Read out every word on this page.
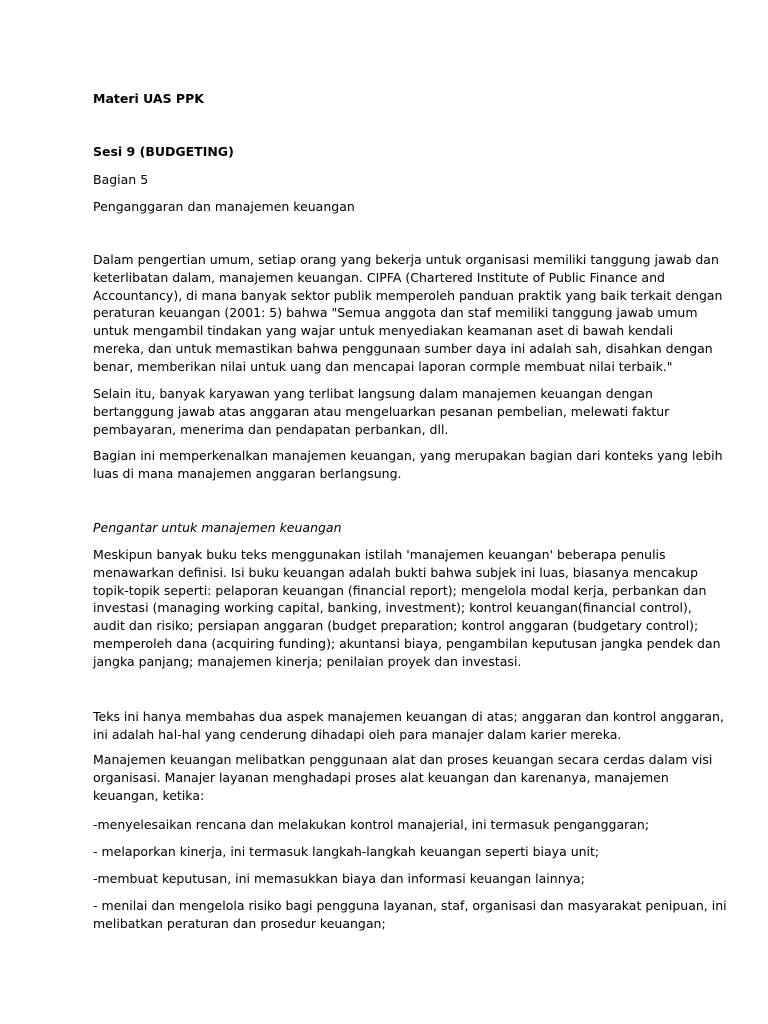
Materi UAS PPK
Sesi 9 (BUDGETING)
Bagian 5
Penganggaran dan manajemen keuangan
Dalam pengertian umum, setiap orang yang bekerja untuk organisasi memiliki tanggung jawab dan
keterlibatan dalam, manajemen keuangan. CIPFA (Chartered Institute of Public Finance and
Accountancy), di mana banyak sektor publik memperoleh panduan praktik yang baik terkait dengan
peraturan keuangan (2001: 5) bahwa "Semua anggota dan staf memiliki tanggung jawab umum
untuk mengambil tindakan yang wajar untuk menyediakan keamanan aset di bawah kendali
mereka, dan untuk memastikan bahwa penggunaan sumber daya ini adalah sah, disahkan dengan
benar, memberikan nilai untuk uang dan mencapai laporan cormple membuat nilai terbaik."
Selain itu, banyak karyawan yang terlibat langsung dalam manajemen keuangan dengan
bertanggung jawab atas anggaran atau mengeluarkan pesanan pembelian, melewati faktur
pembayaran, menerima dan pendapatan perbankan, dll.
Bagian ini memperkenalkan manajemen keuangan, yang merupakan bagian dari konteks yang lebih
luas di mana manajemen anggaran berlangsung.
Pengantar untuk manajemen keuangan
Meskipun banyak buku teks menggunakan istilah 'manajemen keuangan' beberapa penulis
menawarkan definisi. Isi buku keuangan adalah bukti bahwa subjek ini luas, biasanya mencakup
topik-topik seperti: pelaporan keuangan (financial report); mengelola modal kerja, perbankan dan
investasi (managing working capital, banking, investment); kontrol keuangan(financial control),
audit dan risiko; persiapan anggaran (budget preparation; kontrol anggaran (budgetary control);
memperoleh dana (acquiring funding); akuntansi biaya, pengambilan keputusan jangka pendek dan
jangka panjang; manajemen kinerja; penilaian proyek dan investasi.
Teks ini hanya membahas dua aspek manajemen keuangan di atas; anggaran dan kontrol anggaran,
ini adalah hal-hal yang cenderung dihadapi oleh para manajer dalam karier mereka.
Manajemen keuangan melibatkan penggunaan alat dan proses keuangan secara cerdas dalam visi
organisasi. Manajer layanan menghadapi proses alat keuangan dan karenanya, manajemen
keuangan, ketika:
-menyelesaikan rencana dan melakukan kontrol manajerial, ini termasuk penganggaran;
- melaporkan kinerja, ini termasuk langkah-langkah keuangan seperti biaya unit;
-membuat keputusan, ini memasukkan biaya dan informasi keuangan lainnya;
- menilai dan mengelola risiko bagi pengguna layanan, staf, organisasi dan masyarakat penipuan, ini
melibatkan peraturan dan prosedur keuangan;
